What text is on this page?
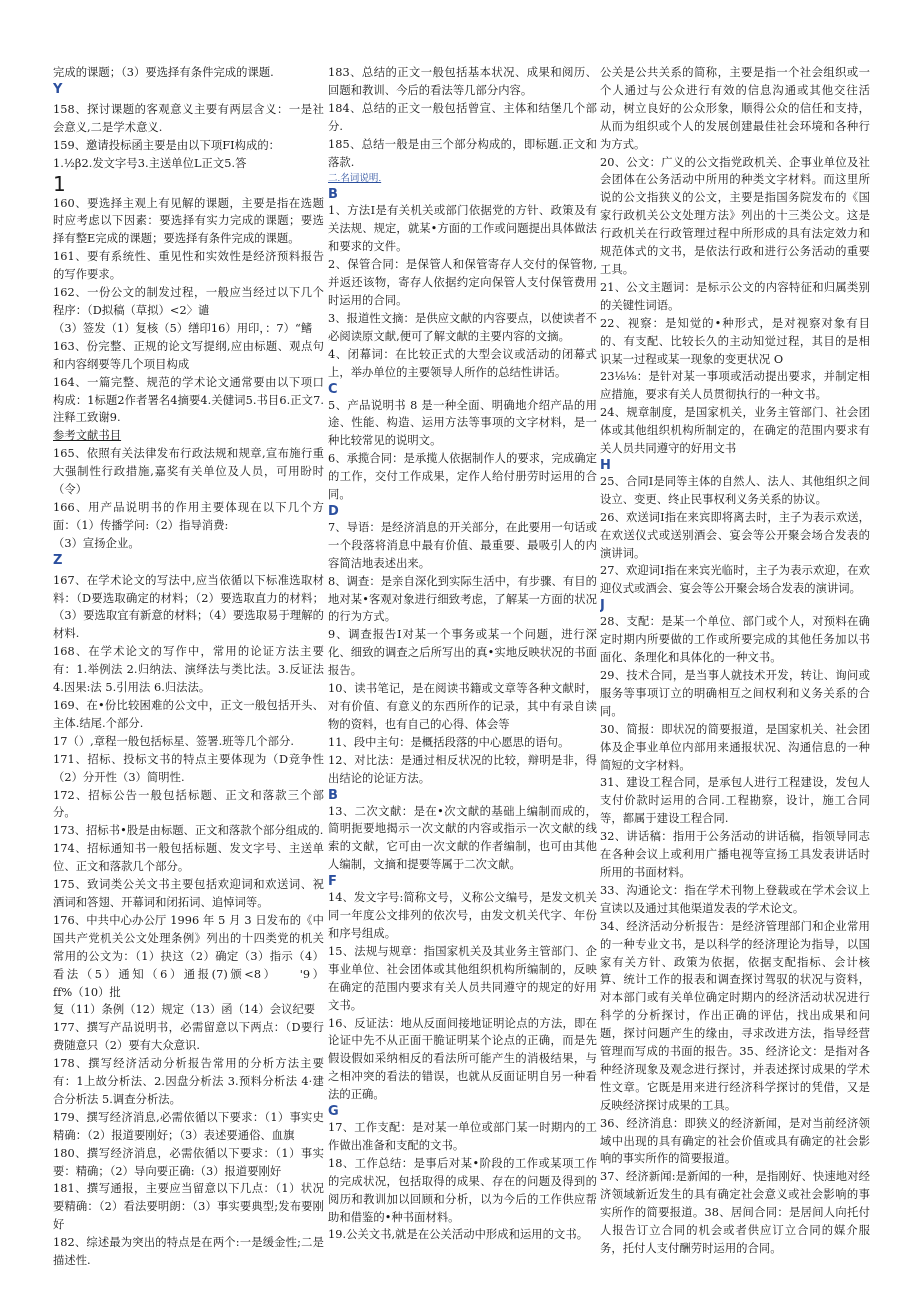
完成的课题；（3）要选择有条件完成的课题.

Y

158、探讨课题的客观意义主要有两层含义：一是社会意义,二是学术意义.

159、邀请投标函主要是由以下项FI构成的：

1.½β2.发文字号3.主送单位L正文5.答

1

160、要选择主观上有见解的课题，主要是指在选题时应考虑以下因素：要选择有实力完成的课题；要选择有整E完成的课题；要选择有条件完成的课题。

161、要有系统性、重见性和实效性是经济预料报告的写作要求。

162、一份公文的制发过程，一般应当经过以下几个程序：（D拟稿（草拟）<2〉谴

（3）签发（1）复核（5）缮印16）用印，：7）“鳍

163、份完整、正规的论文写提纲,应由标题、观点句和内容纲要等几个项目构成

164、一篇完整、规范的学术论文通常要由以下项口构成：1标题2作者署名4摘要4.关健词5.书目6.正文7.注释工致谢9.

参考文献书目

165、依照有关法律发布行政法规和规章,宣布施行重大强制性行政措施,嘉奖有关单位及人员，可用盼时（令）

166、用产品说明书的作用主要体现在以下几个方面：（1）传播学问:（2）指导消费:

（3）宣扬企业。

Z

167、在学术论文的写法中,应当依循以下标准选取材料：（D要选取确定的材料；（2）要选取直力的材料；（3）要选取宜有新意的材料；（4）要选取易于理解的材料.

168、在学术论文的写作中，常用的论证方法主要有：1.举例法 2.归纳法、演绎法与类比法。3.反证法 4.因果:法 5.引用法 6.归法法。

169、在•份比较困难的公文中，正文一般包括开头、主体.结尾.个部分.

17（）,章程一般包括标星、签署.班等几个部分.

171、招标、投标文书的特点主要体现为（D竞争性（2）分开性（3）简明性.

172、招标公告一般包括标题、正文和落款三个部分。

173、招标书•股是由标题、正文和落款个部分组成的.

174、招标通知书一般包括标题、发文字号、主送单位、正文和落款几个部分。

175、致词类公关文书主要包括欢迎词和欢送词、祝酒词和答翅、开幕词和闭拓词、追悼词等。

176、中共中心办公厅 1996 年 5 月 3 日发布的《中国共产党机关公文处理条例》列出的十四类党的机关常用的公文为：（1）抉这（2）确定（3）指示（4）看法（5）通知（6）通报(7)颁<8）　　'9）ff%（10）批

复（11）条例（12）规定（13）函（14）会议纪要

177、撰写产品说明书，必需留意以下两点：（D要行费随意只（2）要有大众意识.

178、撰写经济活动分析报告常用的分析方法主要有：1上故分析法、2.因盘分析法 3.预料分析法 4·建合分析法 5.调查分析法。

179、撰写经济消息,必需依循以下要求：（1）事实史精确：（2）报道要刚好；（3）表述要通俗、血旗

180、撰写经济消息，必需依循以下要求：（1）事实要：精确；（2）导向要正确:（3）报道要刚好

181、撰写通报，主要应当留意以下几点：（1）状况要精确：（2）看法要明朗：（3）事实要典型;发布要刚好

182、综述最为突出的特点是在两个:一是缓金性;二是描述性.

183、总结的正文一般包括基本状况、成果和阅历、回题和教训、今后的看法等几部分内容。

184、总结的正文一般包括曾宣、主体和结堡几个部分.

185、总结一般是由三个部分构成的，即标题.正文和落款.

二.名词说明.

B

1、方法Ⅰ是有关机关或部门依据党的方针、政策及有关法规、规定，就某•方面的工作或问题提出具体做法和要求的文件。

2、保管合同：是保管人和保管寄存人交付的保管物,并返还该物，寄存人依据约定向保管人支付保管费用时运用的合同。

3、报道性文摘：是供应文献的内容要点，以使读者不必阅读原文献,便可了解文献的主要内容的文摘。

4、闭幕词：在比较正式的大型会议或活动的闭幕式上，举办单位的主要领导人所作的总结性讲话。

C

5、产品说明书 8 是一种全面、明确地介绍产品的用途、性能、构造、运用方法等事项的文字材料，是一种比较常见的说明文。

6、承揽合同：是承揽人依据制作人的要求，完成确定的工作，交付工作成果，定作人给付册劳时运用的合同。

D

7、导语：是经济消息的开关部分，在此要用一句话或一个段落将消息中最有价值、最重要、最吸引人的内容简洁地表述出来。

8、调查：是亲自深化到实际生活中，有步骤、有目的地对某•客观对象进行细致考虑，了解某一方面的状况的行为方式。

9、调查报告Ⅰ对某一个事务或某一个问题，进行深化、细致的调查之后所写出的真•实地反映状况的书面报告。

10、读书笔记，是在阅读书籍或文章等各种文献时，对有价值、有意义的东西所作的记录，其中有录自读物的资料，也有自己的心得、体会等

11、段中主句：是概括段落的中心愿思的语句。

12、对比法：是通过相反状况的比较，辩明是非，得出结论的论证方法。

B

13、二次文献：是在•次文献的基础上编制而成的，简明扼要地揭示一次文献的内容或指示一次文献的线索的文献，它可由一次文献的作者编制，也可由其他人编制，文摘和提要等属于二次文献。

F

14、发文字号:简称文号，义称公文编号，是发文机关同一年度公文排列的依次号，由发文机关代字、年份和序号组成。

15、法规与规章：指国家机关及其业务主管部门、企事业单位、社会团体或其他组织机构所编制的，反映在确定的范围内要求有关人员共同遵守的规定的好用文书。

16、反证法：地从反面间接地证明论点的方法，即在论证中先不从正面干脆证明某个论点的正确，而是先假设假如采纳相反的看法所可能产生的消极结果，与之相冲突的看法的错误，也就从反面证明自另一种看法的正确。

G

17、工作支配：是对某一单位或部门某一时期内的工作做出准备和支配的文书。

18、工作总结：是事后对某•阶段的工作或某项工作的完成状况，包括取得的成果、存在的问题及得到的阅历和教训加以回顾和分析，以为今后的工作供应帮助和借鉴的•种书面材料。

19.公关文书,就是在公关活动中形成和运用的文书。

公关是公共关系的简称，主要是指一个社会组织或一个人通过与公众进行有效的信息沟通或其他交往活动，树立良好的公众形象，顺得公众的信任和支持，从而为组织或个人的发展创建最佳社会环境和各种行为方式。

20、公文：广义的公文指党政机关、企事业单位及社会团体在公务活动中所用的种类文字材料。而这里所说的公文指狭义的公文，主要是指国务院发布的《国家行政机关公文处理方法》列出的十三类公文。这是行政机关在行政管理过程中所形成的具有法定效力和规范体式的文书，是依法行政和进行公务活动的重要工具。

21、公文主题词：是标示公文的内容特征和归属类别的关键性词语。

22、视察：是知觉的•种形式，是对视察对象有目的、有支配、比较长久的主动知觉过程，其目的是相识某一过程或某一现象的变更状况 O

23⅛⅛：是针对某一事项或活动提出要求，并制定相应措施，要求有关人员贯彻执行的一种文书。

24、规章制度，是国家机关，业务主管部门、社会团体或其他组织机构所制定的，在确定的范围内要求有关人员共同遵守的好用文书

H

25、合同Ⅰ是同等主体的自然人、法人、其他组织之间设立、变更、终止民事权利义务关系的协议。

26、欢送词Ⅰ指在来宾即将离去时，主子为表示欢送，在欢送仪式或送别酒会、宴会等公开聚会场合发表的演讲词。

27、欢迎词Ⅰ指在来宾光临时，主子为表示欢迎，在欢迎仪式或酒会、宴会等公开聚会场合发表的演讲词。

J

28、支配：是某一个单位、部门或个人，对预料在确定时期内所要做的工作或所要完成的其他任务加以书面化、条理化和具体化的一种文书。

29、技术合同，是当事人就技术开发，转让、询问或服务等事项订立的明确相互之间权利和义务关系的合同。

30、简报：即状况的简要报道，是国家机关、社会团体及企事业单位内部用来通报状况、沟通信息的一种简短的文字材料。

31、建设工程合同，是承包人进行工程建设，发包人支付价款时运用的合同.工程勘察，设计，施工合同等，都属于建设工程合同.

32、讲话稿：指用于公务活动的讲话稿，指领导同志在各种会议上或利用广播电视等宣扬工具发表讲话时所用的书面材料。

33、沟通论文：指在学术刊物上登载或在学术会议上宣读以及通过其他渠道发表的学术论文。

34、经济活动分析报告：是经济管理部门和企业常用的一种专业文书，是以科学的经济理论为指导，以国家有关方针、政策为依据，依据支配指标、会计核算、统计工作的报表和调查探讨驾驭的状况与资料，对本部门或有关单位确定时期内的经济活动状况进行科学的分析探讨，作出正确的评估，找出成果和问题，探讨问题产生的缘由，寻求改进方法，指导经营管理而写成的书面的报告。35、经济论文：是指对各种经济现象及观念进行探讨，并表述探讨成果的学术性文章。它既是用来进行经济科学探讨的凭借，又是反映经济探讨成果的工具。

36、经济消息：即狭义的经济新闻，是对当前经济领域中出现的具有确定的社会价值或具有确定的社会影响的事实所作的简要报道。

37、经济新闻:是新闻的一种，是指刚好、快速地对经济领域新近发生的具有确定社会意义或社会影响的事实所作的简要报道。38、居间合同：是居间人向托付人报告订立合同的机会或者供应订立合同的媒介服务，托付人支付酬劳时运用的合同。
